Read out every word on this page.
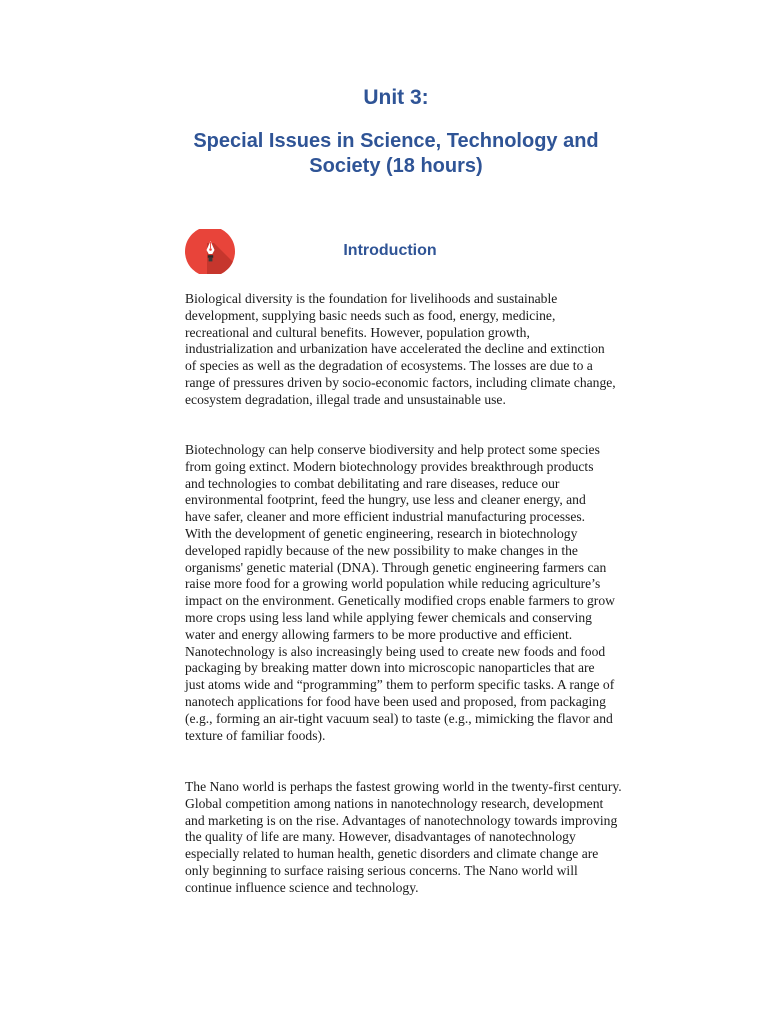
Unit 3:
Special Issues in Science, Technology and Society (18 hours)
Introduction

Biological diversity is the foundation for livelihoods and sustainable
development, supplying basic needs such as food, energy, medicine,
recreational and cultural benefits. However, population growth,
industrialization and urbanization have accelerated the decline and extinction
of species as well as the degradation of ecosystems. The losses are due to a
range of pressures driven by socio-economic factors, including climate change,
ecosystem degradation, illegal trade and unsustainable use.

Biotechnology can help conserve biodiversity and help protect some species
from going extinct. Modern biotechnology provides breakthrough products
and technologies to combat debilitating and rare diseases, reduce our
environmental footprint, feed the hungry, use less and cleaner energy, and
have safer, cleaner and more efficient industrial manufacturing processes.
With the development of genetic engineering, research in biotechnology
developed rapidly because of the new possibility to make changes in the
organisms' genetic material (DNA). Through genetic engineering farmers can
raise more food for a growing world population while reducing agriculture’s
impact on the environment. Genetically modified crops enable farmers to grow
more crops using less land while applying fewer chemicals and conserving
water and energy allowing farmers to be more productive and efficient.
Nanotechnology is also increasingly being used to create new foods and food
packaging by breaking matter down into microscopic nanoparticles that are
just atoms wide and “programming” them to perform specific tasks. A range of
nanotech applications for food have been used and proposed, from packaging
(e.g., forming an air-tight vacuum seal) to taste (e.g., mimicking the flavor and
texture of familiar foods).

The Nano world is perhaps the fastest growing world in the twenty-first century.
Global competition among nations in nanotechnology research, development
and marketing is on the rise. Advantages of nanotechnology towards improving
the quality of life are many. However, disadvantages of nanotechnology
especially related to human health, genetic disorders and climate change are
only beginning to surface raising serious concerns. The Nano world will
continue influence science and technology.
